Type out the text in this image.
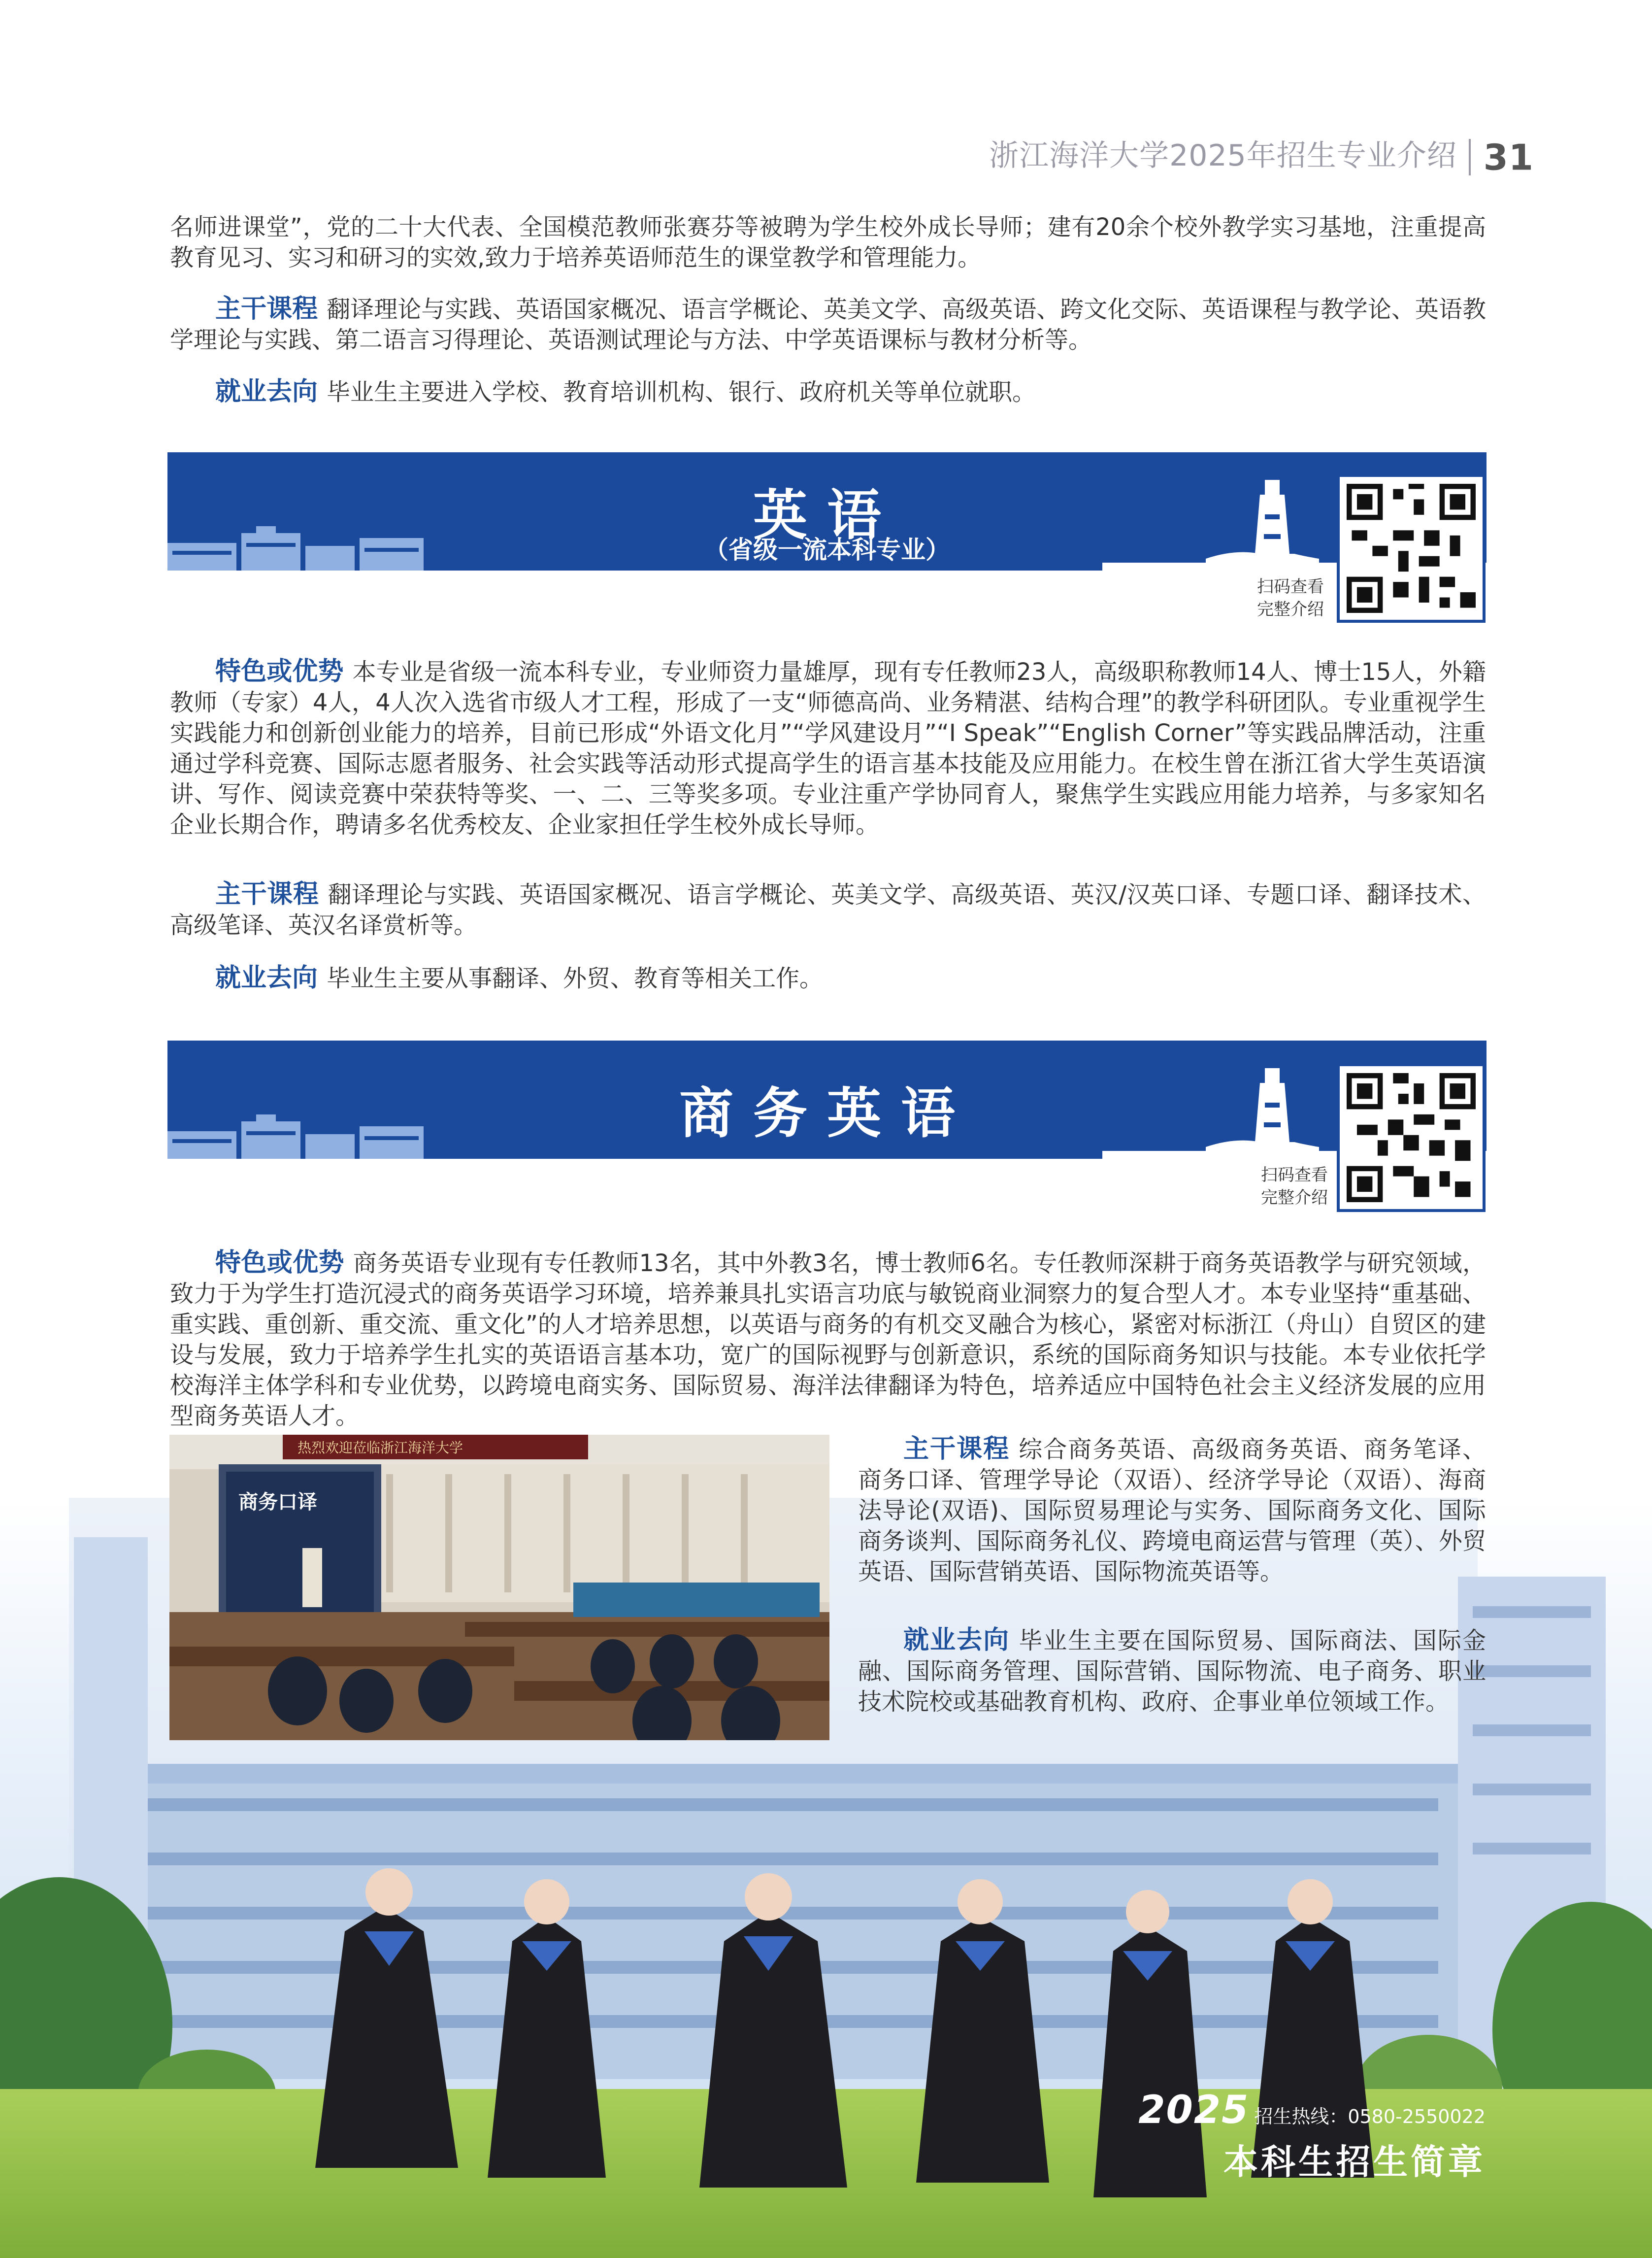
浙江海洋大学2025年招生专业介绍 31
名师进课堂”，党的二十大代表、全国模范教师张赛芬等被聘为学生校外成长导师；建有20余个校外教学实习基地，注重提高教育见习、实习和研习的实效,致力于培养英语师范生的课堂教学和管理能力。
主干课程 翻译理论与实践、英语国家概况、语言学概论、英美文学、高级英语、跨文化交际、英语课程与教学论、英语教学理论与实践、第二语言习得理论、英语测试理论与方法、中学英语课标与教材分析等。
就业去向 毕业生主要进入学校、教育培训机构、银行、政府机关等单位就职。
英语
（省级一流本科专业）
扫码查看
完整介绍
特色或优势 本专业是省级一流本科专业，专业师资力量雄厚，现有专任教师23人，高级职称教师14人、博士15人，外籍教师（专家）4人，4人次入选省市级人才工程，形成了一支“师德高尚、业务精湛、结构合理”的教学科研团队。专业重视学生实践能力和创新创业能力的培养，目前已形成“外语文化月”“学风建设月”“I Speak”“English Corner”等实践品牌活动，注重通过学科竞赛、国际志愿者服务、社会实践等活动形式提高学生的语言基本技能及应用能力。在校生曾在浙江省大学生英语演讲、写作、阅读竞赛中荣获特等奖、一、二、三等奖多项。专业注重产学协同育人，聚焦学生实践应用能力培养，与多家知名企业长期合作，聘请多名优秀校友、企业家担任学生校外成长导师。
主干课程 翻译理论与实践、英语国家概况、语言学概论、英美文学、高级英语、英汉/汉英口译、专题口译、翻译技术、高级笔译、英汉名译赏析等。
就业去向 毕业生主要从事翻译、外贸、教育等相关工作。
商务英语
扫码查看
完整介绍
特色或优势 商务英语专业现有专任教师13名，其中外教3名，博士教师6名。专任教师深耕于商务英语教学与研究领域，致力于为学生打造沉浸式的商务英语学习环境，培养兼具扎实语言功底与敏锐商业洞察力的复合型人才。本专业坚持“重基础、重实践、重创新、重交流、重文化”的人才培养思想，以英语与商务的有机交叉融合为核心，紧密对标浙江（舟山）自贸区的建设与发展，致力于培养学生扎实的英语语言基本功，宽广的国际视野与创新意识，系统的国际商务知识与技能。本专业依托学校海洋主体学科和专业优势，以跨境电商实务、国际贸易、海洋法律翻译为特色，培养适应中国特色社会主义经济发展的应用型商务英语人才。
商务口译
热烈欢迎莅临浙江海洋大学	主干课程 综合商务英语、高级商务英语、商务笔译、商务口译、管理学导论（双语）、经济学导论（双语）、海商法导论(双语)、国际贸易理论与实务、国际商务文化、国际商务谈判、国际商务礼仪、跨境电商运营与管理（英）、外贸英语、国际营销英语、国际物流英语等。
就业去向 毕业生主要在国际贸易、国际商法、国际金融、国际商务管理、国际营销、国际物流、电子商务、职业技术院校或基础教育机构、政府、企事业单位领域工作。
2025 招生热线：0580-2550022
本科生招生简章
